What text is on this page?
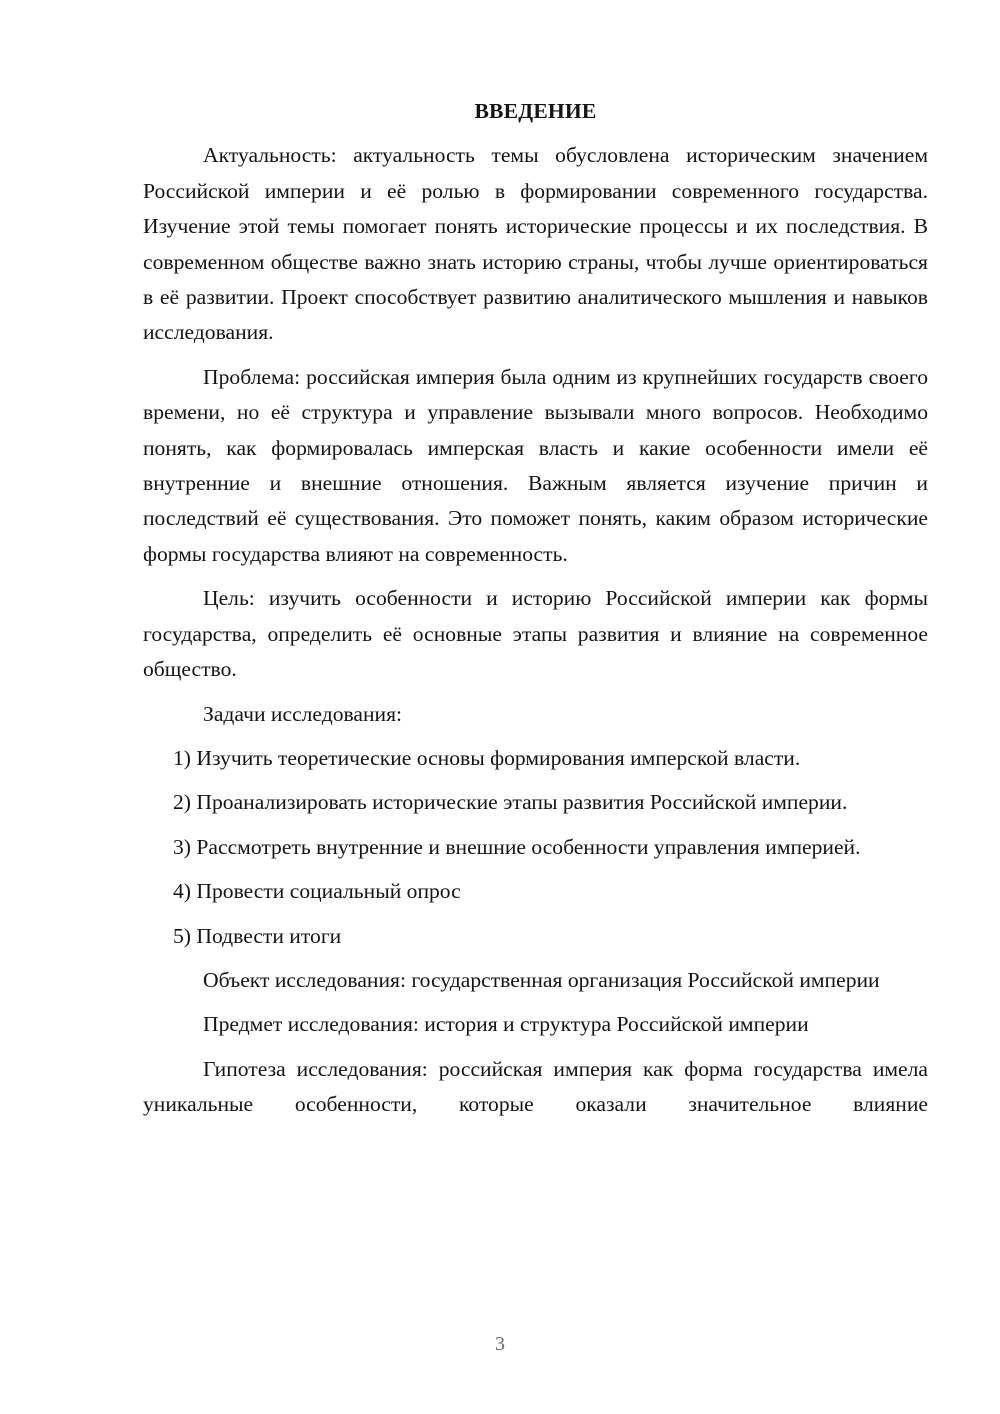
ВВЕДЕНИЕ

Актуальность: актуальность темы обусловлена историческим значением Российской империи и её ролью в формировании современного государства. Изучение этой темы помогает понять исторические процессы и их последствия. В современном обществе важно знать историю страны, чтобы лучше ориентироваться в её развитии. Проект способствует развитию аналитического мышления и навыков исследования.

Проблема: российская империя была одним из крупнейших государств своего времени, но её структура и управление вызывали много вопросов. Необходимо понять, как формировалась имперская власть и какие особенности имели её внутренние и внешние отношения. Важным является изучение причин и последствий её существования. Это поможет понять, каким образом исторические формы государства влияют на современность.

Цель: изучить особенности и историю Российской империи как формы государства, определить её основные этапы развития и влияние на современное общество.

Задачи исследования:

1) Изучить теоретические основы формирования имперской власти.

2) Проанализировать исторические этапы развития Российской империи.

3) Рассмотреть внутренние и внешние особенности управления империей.

4) Провести социальный опрос

5) Подвести итоги

Объект исследования: государственная организация Российской империи

Предмет исследования: история и структура Российской империи

Гипотеза исследования: российская империя как форма государства имела уникальные особенности, которые оказали значительное влияние

3
